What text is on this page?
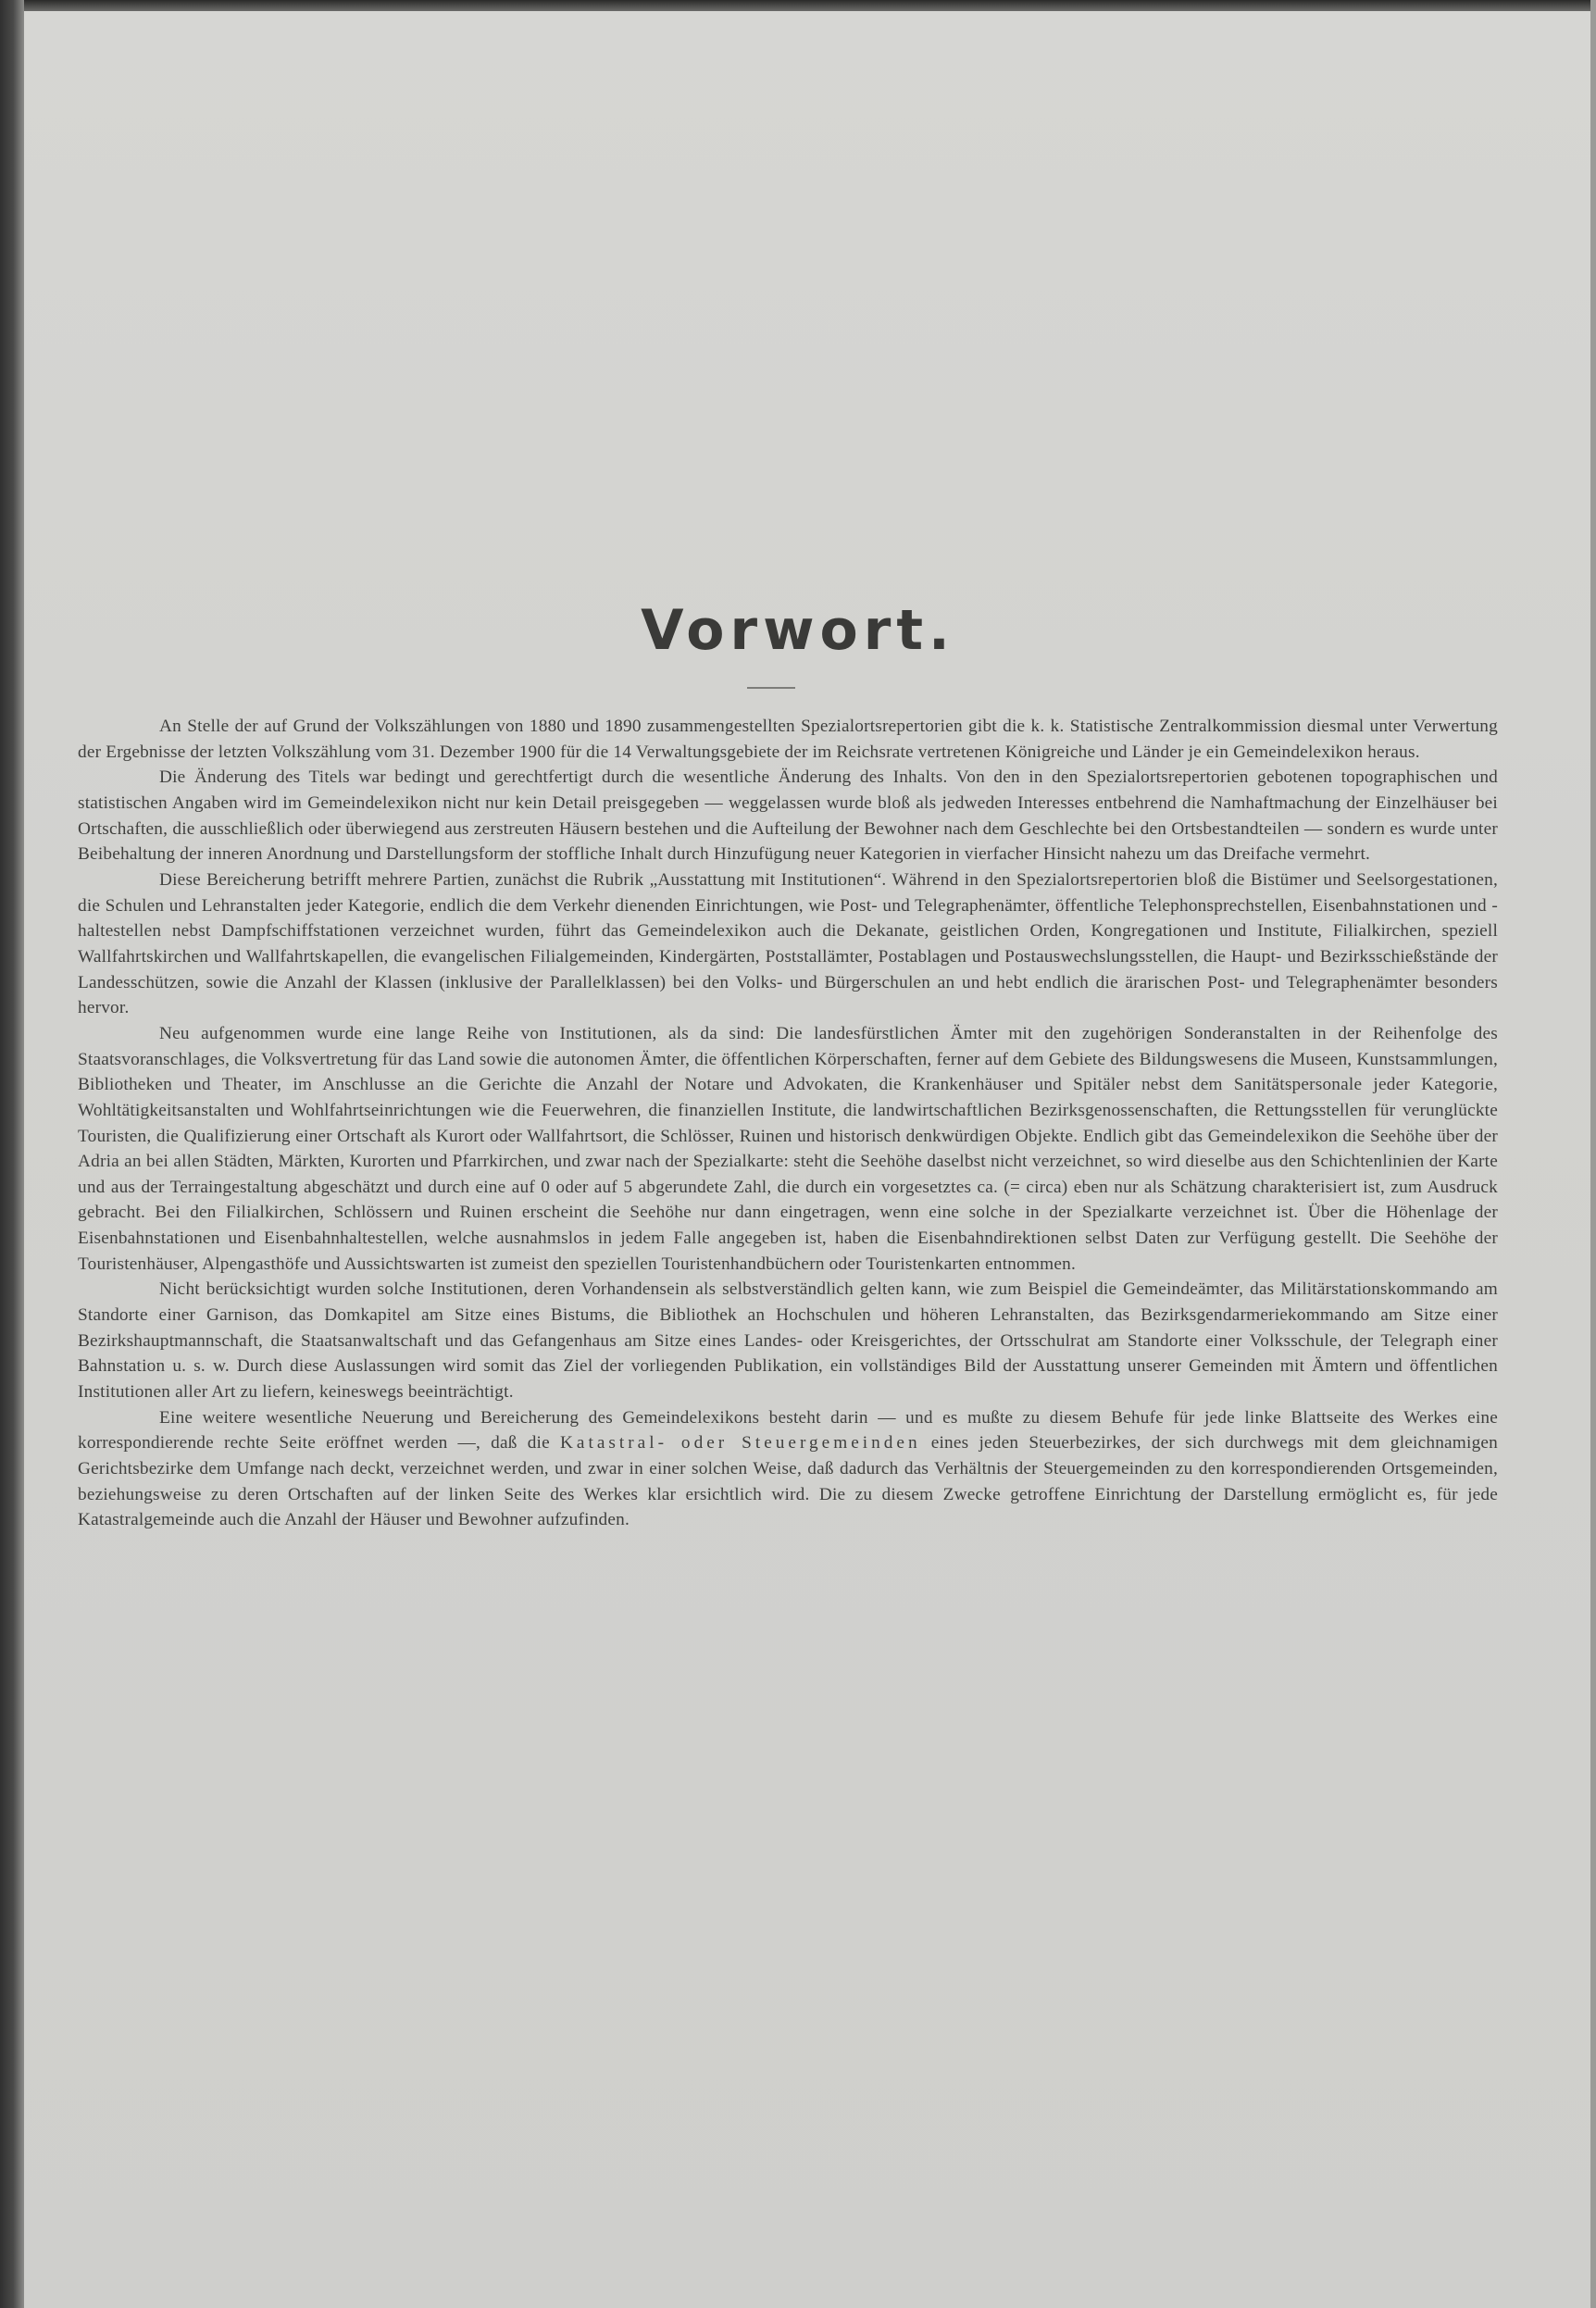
Vorwort.

An Stelle der auf Grund der Volkszählungen von 1880 und 1890 zusammengestellten Spezialortsrepertorien gibt die k. k. Statistische Zentralkommission diesmal unter Verwertung der Ergebnisse der letzten Volkszählung vom 31. Dezember 1900 für die 14 Verwaltungsgebiete der im Reichsrate vertretenen Königreiche und Länder je ein Gemeindelexikon heraus.

Die Änderung des Titels war bedingt und gerechtfertigt durch die wesentliche Änderung des Inhalts. Von den in den Spezialortsrepertorien gebotenen topographischen und statistischen Angaben wird im Gemeindelexikon nicht nur kein Detail preisgegeben — weggelassen wurde bloß als jedweden Interesses entbehrend die Namhaftmachung der Einzelhäuser bei Ortschaften, die ausschließlich oder überwiegend aus zerstreuten Häusern bestehen und die Aufteilung der Bewohner nach dem Geschlechte bei den Ortsbestandteilen — sondern es wurde unter Beibehaltung der inneren Anordnung und Darstellungsform der stoffliche Inhalt durch Hinzufügung neuer Kategorien in vierfacher Hinsicht nahezu um das Dreifache vermehrt.

Diese Bereicherung betrifft mehrere Partien, zunächst die Rubrik „Ausstattung mit Institutionen“. Während in den Spezialortsrepertorien bloß die Bistümer und Seelsorgestationen, die Schulen und Lehranstalten jeder Kategorie, endlich die dem Verkehr dienenden Einrichtungen, wie Post- und Telegraphenämter, öffentliche Telephonsprechstellen, Eisenbahnstationen und -haltestellen nebst Dampfschiffstationen verzeichnet wurden, führt das Gemeindelexikon auch die Dekanate, geistlichen Orden, Kongregationen und Institute, Filialkirchen, speziell Wallfahrtskirchen und Wallfahrtskapellen, die evangelischen Filialgemeinden, Kindergärten, Poststallämter, Postablagen und Postauswechslungsstellen, die Haupt- und Bezirksschießstände der Landesschützen, sowie die Anzahl der Klassen (inklusive der Parallelklassen) bei den Volks- und Bürgerschulen an und hebt endlich die ärarischen Post- und Telegraphenämter besonders hervor.

Neu aufgenommen wurde eine lange Reihe von Institutionen, als da sind: Die landesfürstlichen Ämter mit den zugehörigen Sonderanstalten in der Reihenfolge des Staatsvoranschlages, die Volksvertretung für das Land sowie die autonomen Ämter, die öffentlichen Körperschaften, ferner auf dem Gebiete des Bildungswesens die Museen, Kunstsammlungen, Bibliotheken und Theater, im Anschlusse an die Gerichte die Anzahl der Notare und Advokaten, die Krankenhäuser und Spitäler nebst dem Sanitätspersonale jeder Kategorie, Wohltätigkeitsanstalten und Wohlfahrtseinrichtungen wie die Feuerwehren, die finanziellen Institute, die landwirtschaftlichen Bezirksgenossenschaften, die Rettungsstellen für verunglückte Touristen, die Qualifizierung einer Ortschaft als Kurort oder Wallfahrtsort, die Schlösser, Ruinen und historisch denkwürdigen Objekte. Endlich gibt das Gemeindelexikon die Seehöhe über der Adria an bei allen Städten, Märkten, Kurorten und Pfarrkirchen, und zwar nach der Spezialkarte: steht die Seehöhe daselbst nicht verzeichnet, so wird dieselbe aus den Schichtenlinien der Karte und aus der Terraingestaltung abgeschätzt und durch eine auf 0 oder auf 5 abgerundete Zahl, die durch ein vorgesetztes ca. (= circa) eben nur als Schätzung charakterisiert ist, zum Ausdruck gebracht. Bei den Filialkirchen, Schlössern und Ruinen erscheint die Seehöhe nur dann eingetragen, wenn eine solche in der Spezialkarte verzeichnet ist. Über die Höhenlage der Eisenbahnstationen und Eisenbahnhaltestellen, welche ausnahmslos in jedem Falle angegeben ist, haben die Eisenbahndirektionen selbst Daten zur Verfügung gestellt. Die Seehöhe der Touristenhäuser, Alpengasthöfe und Aussichtswarten ist zumeist den speziellen Touristenhandbüchern oder Touristenkarten entnommen.

Nicht berücksichtigt wurden solche Institutionen, deren Vorhandensein als selbstverständlich gelten kann, wie zum Beispiel die Gemeindeämter, das Militärstationskommando am Standorte einer Garnison, das Domkapitel am Sitze eines Bistums, die Bibliothek an Hochschulen und höheren Lehranstalten, das Bezirksgendarmeriekommando am Sitze einer Bezirkshauptmannschaft, die Staatsanwaltschaft und das Gefangenhaus am Sitze eines Landes- oder Kreisgerichtes, der Ortsschulrat am Standorte einer Volksschule, der Telegraph einer Bahnstation u. s. w. Durch diese Auslassungen wird somit das Ziel der vorliegenden Publikation, ein vollständiges Bild der Ausstattung unserer Gemeinden mit Ämtern und öffentlichen Institutionen aller Art zu liefern, keineswegs beeinträchtigt.

Eine weitere wesentliche Neuerung und Bereicherung des Gemeindelexikons besteht darin — und es mußte zu diesem Behufe für jede linke Blattseite des Werkes eine korrespondierende rechte Seite eröffnet werden —, daß die Katastral- oder Steuergemeinden eines jeden Steuerbezirkes, der sich durchwegs mit dem gleichnamigen Gerichtsbezirke dem Umfange nach deckt, verzeichnet werden, und zwar in einer solchen Weise, daß dadurch das Verhältnis der Steuergemeinden zu den korrespondierenden Ortsgemeinden, beziehungsweise zu deren Ortschaften auf der linken Seite des Werkes klar ersichtlich wird. Die zu diesem Zwecke getroffene Einrichtung der Darstellung ermöglicht es, für jede Katastralgemeinde auch die Anzahl der Häuser und Bewohner aufzufinden.
